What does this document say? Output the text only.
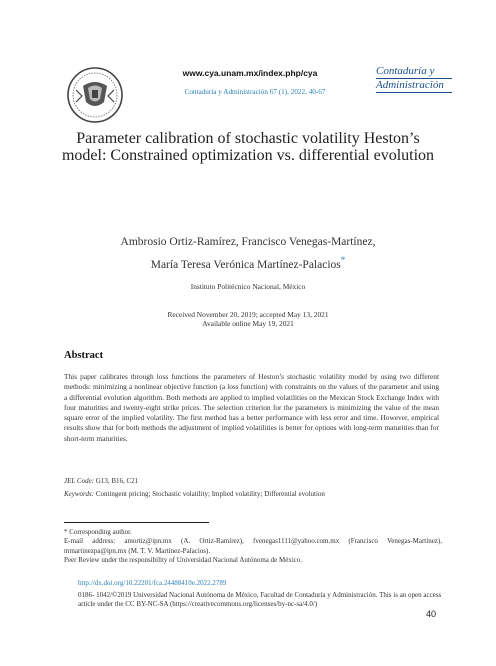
www.cya.unam.mx/index.php/cya
Contaduría y Administración 67 (1), 2022, 40-67
Contaduría y
Administración
Parameter calibration of stochastic volatility Heston’s model: Constrained optimization vs. differential evolution
Ambrosio Ortiz-Ramírez, Francisco Venegas-Martínez,
María Teresa Verónica Martínez-Palacios*
Instituto Politécnico Nacional, México
Received November 20, 2019; accepted May 13, 2021
Available online May 19, 2021
Abstract
This paper calibrates through loss functions the parameters of Heston’s stochastic volatility model by using two different methods: minimizing a nonlinear objective function (a loss function) with constraints on the values of the parameter and using a differential evolution algorithm. Both methods are applied to implied volatilities on the Mexican Stock Exchange Index with four maturities and twenty-eight strike prices. The selection criterion for the parameters is minimizing the value of the mean square error of the implied volatility. The first method has a better performance with less error and time. However, empirical results show that for both methods the adjustment of implied volatilities is better for options with long-term maturities than for short-term maturities.
JEL Code: G13, B16, C21
Keywords: Contingent pricing; Stochastic volatility; Implied volatility; Differential evolution
* Corresponding author.
E-mail address: amortiz@ipn.mx (A. Ortiz-Ramírez), fvenegas1111@yahoo.com.mx (Francisco Venegas-Martínez), mmartinezpa@ipn.mx (M. T. V. Martínez-Palacios).
Peer Review under the responsibility of Universidad Nacional Autónoma de México.
http://dx.doi.org/10.22201/fca.24488410e.2022.2789
0186- 1042/©2019 Universidad Nacional Autónoma de México, Facultad de Contaduría y Administración. This is an open access article under the CC BY-NC-SA (https://creativecommons.org/licenses/by-nc-sa/4.0/)
40
